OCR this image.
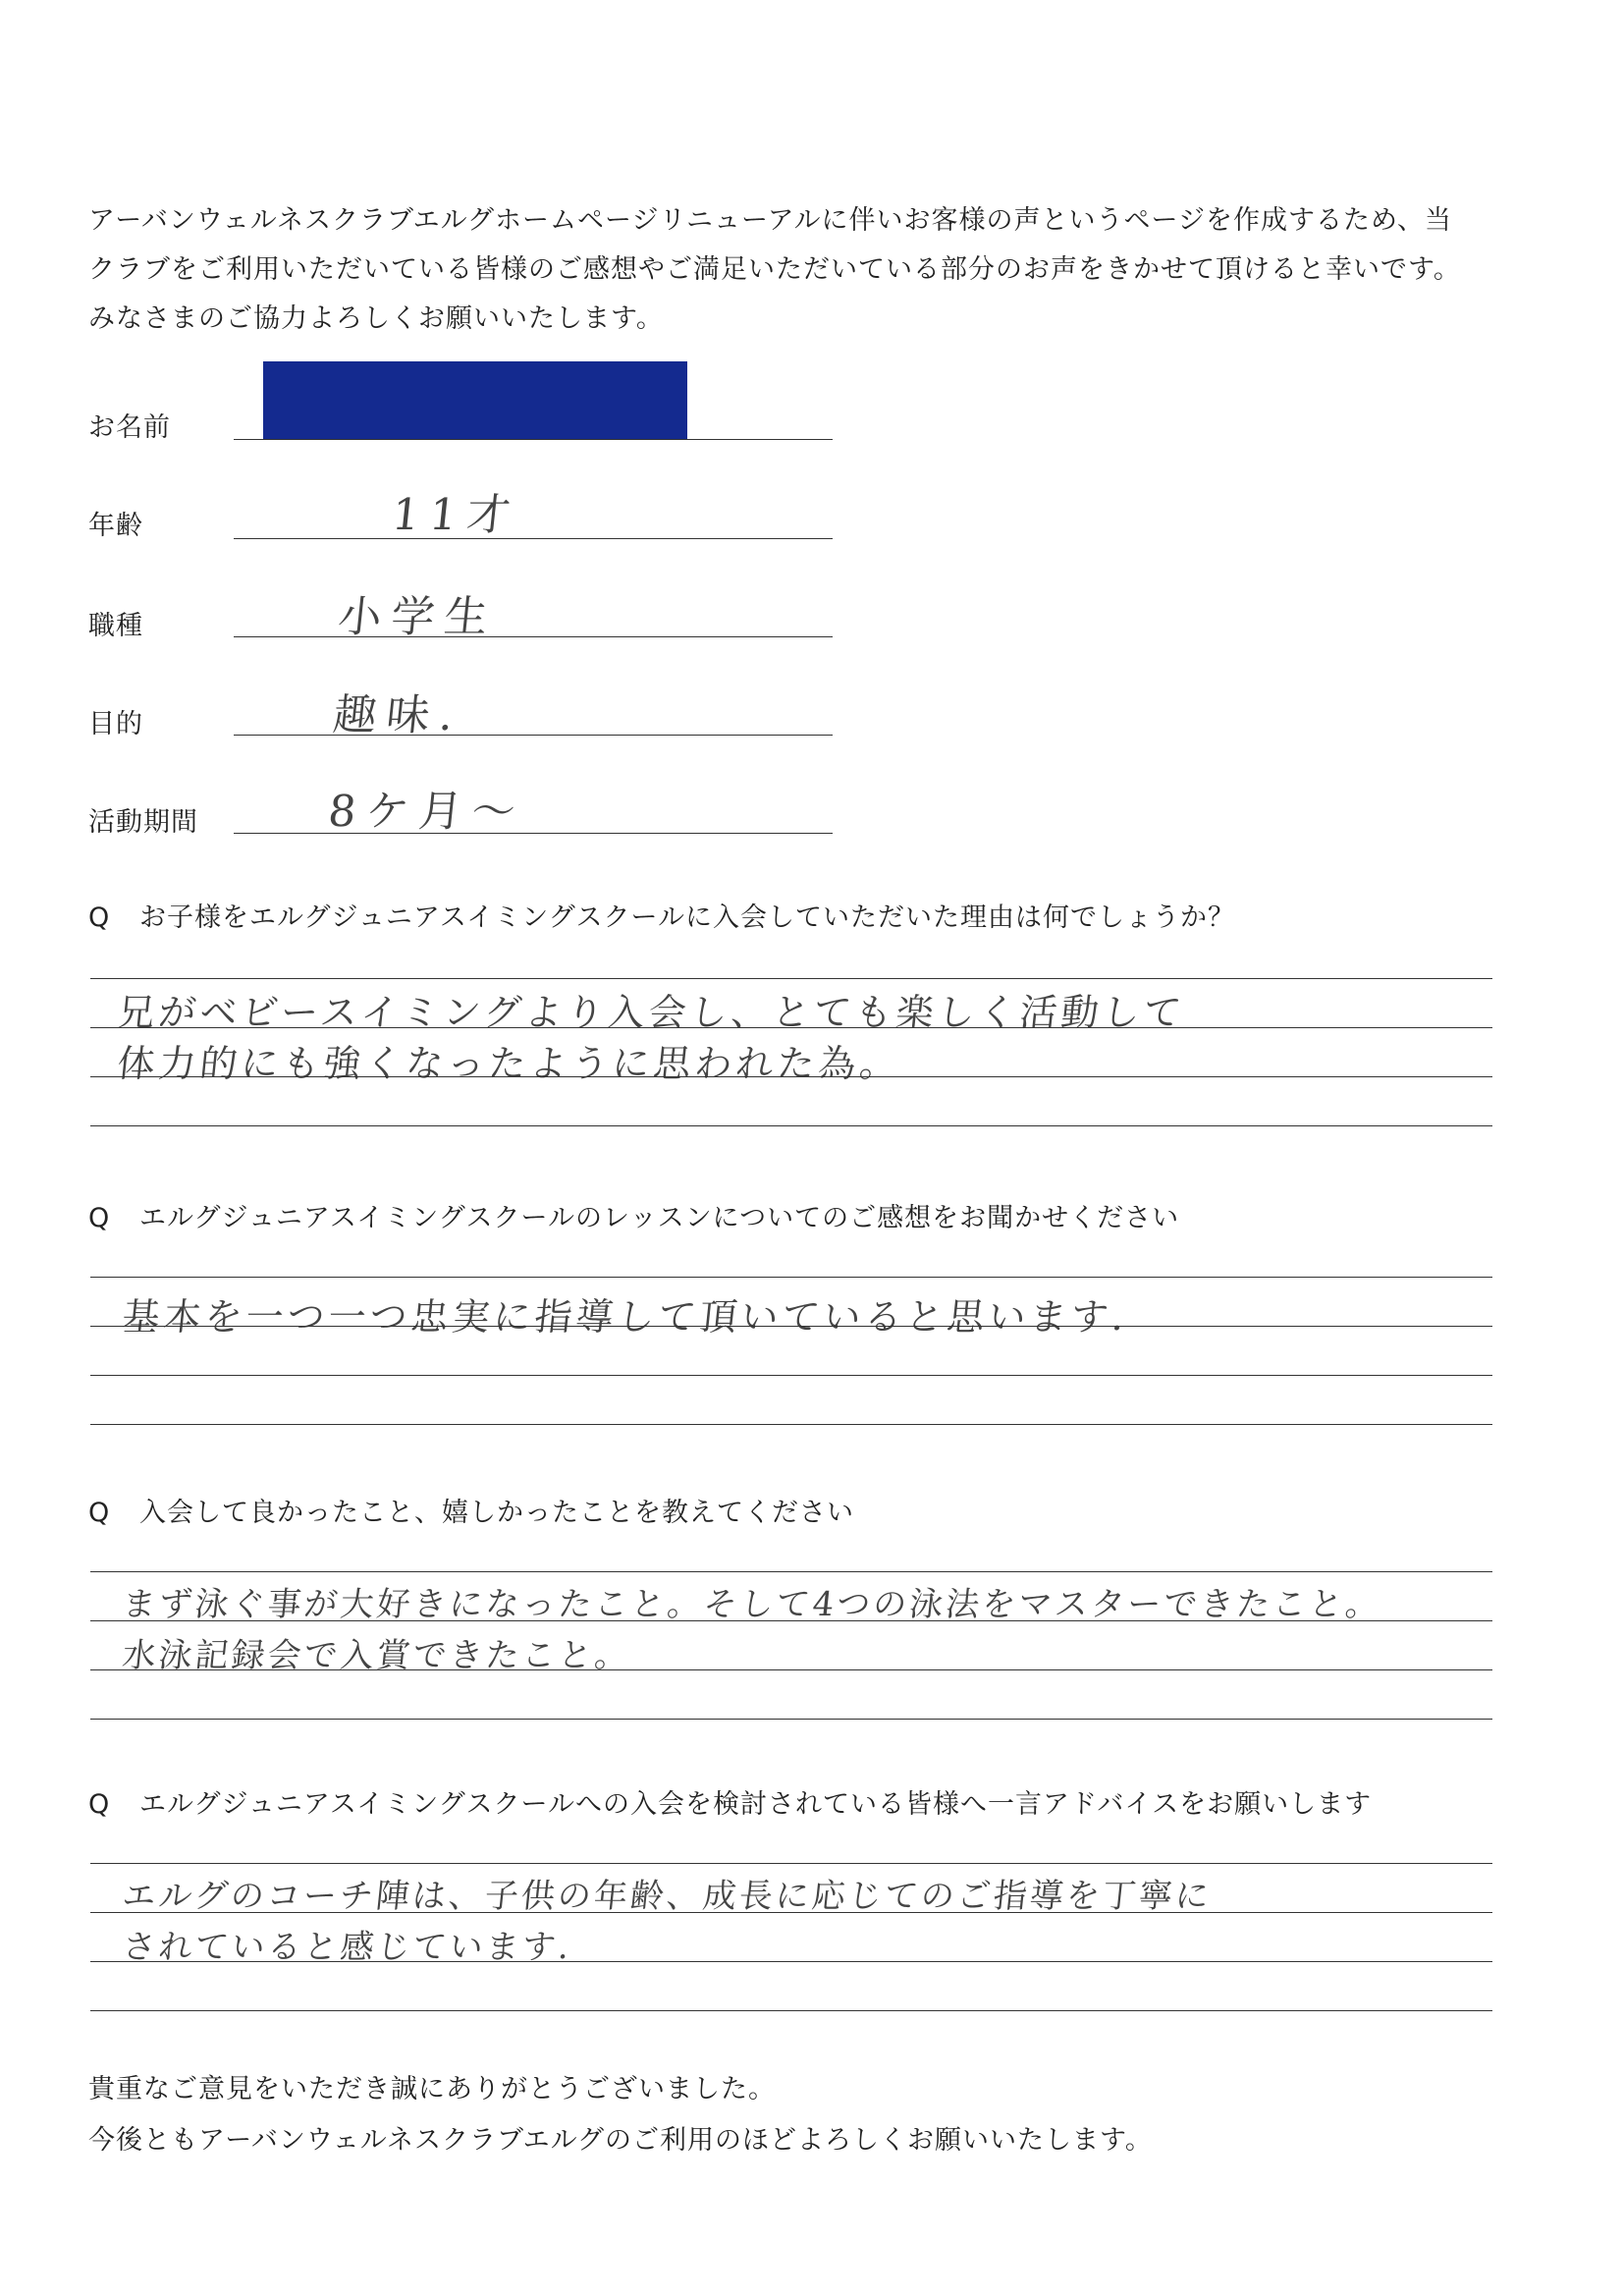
アーバンウェルネスクラブエルグホームページリニューアルに伴いお客様の声というページを作成するため、当
クラブをご利用いただいている皆様のご感想やご満足いただいている部分のお声をきかせて頂けると幸いです。
みなさまのご協力よろしくお願いいたします。
お名前
年齢	11才
職種	小学生
目的	趣味.
活動期間	8ケ月～
Q お子様をエルグジュニアスイミングスクールに入会していただいた理由は何でしょうか？
兄がベビースイミングより入会し、とても楽しく活動して
体力的にも強くなったように思われた為。
Q エルグジュニアスイミングスクールのレッスンについてのご感想をお聞かせください
基本を一つ一つ忠実に指導して頂いていると思います.
Q 入会して良かったこと、嬉しかったことを教えてください
まず泳ぐ事が大好きになったこと。そして4つの泳法をマスターできたこと。
水泳記録会で入賞できたこと。
Q エルグジュニアスイミングスクールへの入会を検討されている皆様へ一言アドバイスをお願いします
エルグのコーチ陣は、子供の年齢、成長に応じてのご指導を丁寧に
されていると感じています.
貴重なご意見をいただき誠にありがとうございました。
今後ともアーバンウェルネスクラブエルグのご利用のほどよろしくお願いいたします。
